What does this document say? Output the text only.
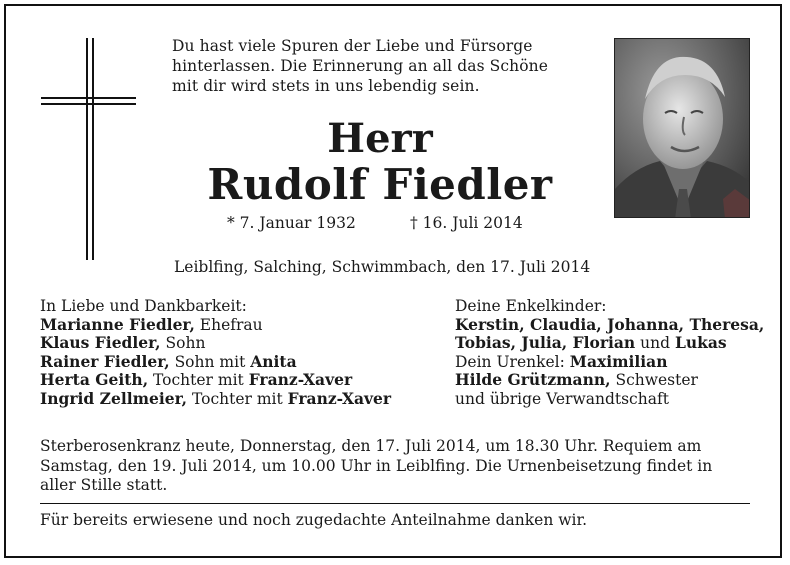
Du hast viele Spuren der Liebe und Fürsorge
hinterlassen. Die Erinnerung an all das Schöne
mit dir wird stets in uns lebendig sein.
Herr
Rudolf Fiedler
* 7. Januar 1932	† 16. Juli 2014
Leiblfing, Salching, Schwimmbach, den 17. Juli 2014
In Liebe und Dankbarkeit:
Marianne Fiedler, Ehefrau
Klaus Fiedler, Sohn
Rainer Fiedler, Sohn mit Anita
Herta Geith, Tochter mit Franz-Xaver
Ingrid Zellmeier, Tochter mit Franz-Xaver
Deine Enkelkinder:
Kerstin, Claudia, Johanna, Theresa,
Tobias, Julia, Florian und Lukas
Dein Urenkel: Maximilian
Hilde Grützmann, Schwester
und übrige Verwandtschaft
Sterberosenkranz heute, Donnerstag, den 17. Juli 2014, um 18.30 Uhr. Requiem am
Samstag, den 19. Juli 2014, um 10.00 Uhr in Leiblfing. Die Urnenbeisetzung findet in
aller Stille statt.
Für bereits erwiesene und noch zugedachte Anteilnahme danken wir.
